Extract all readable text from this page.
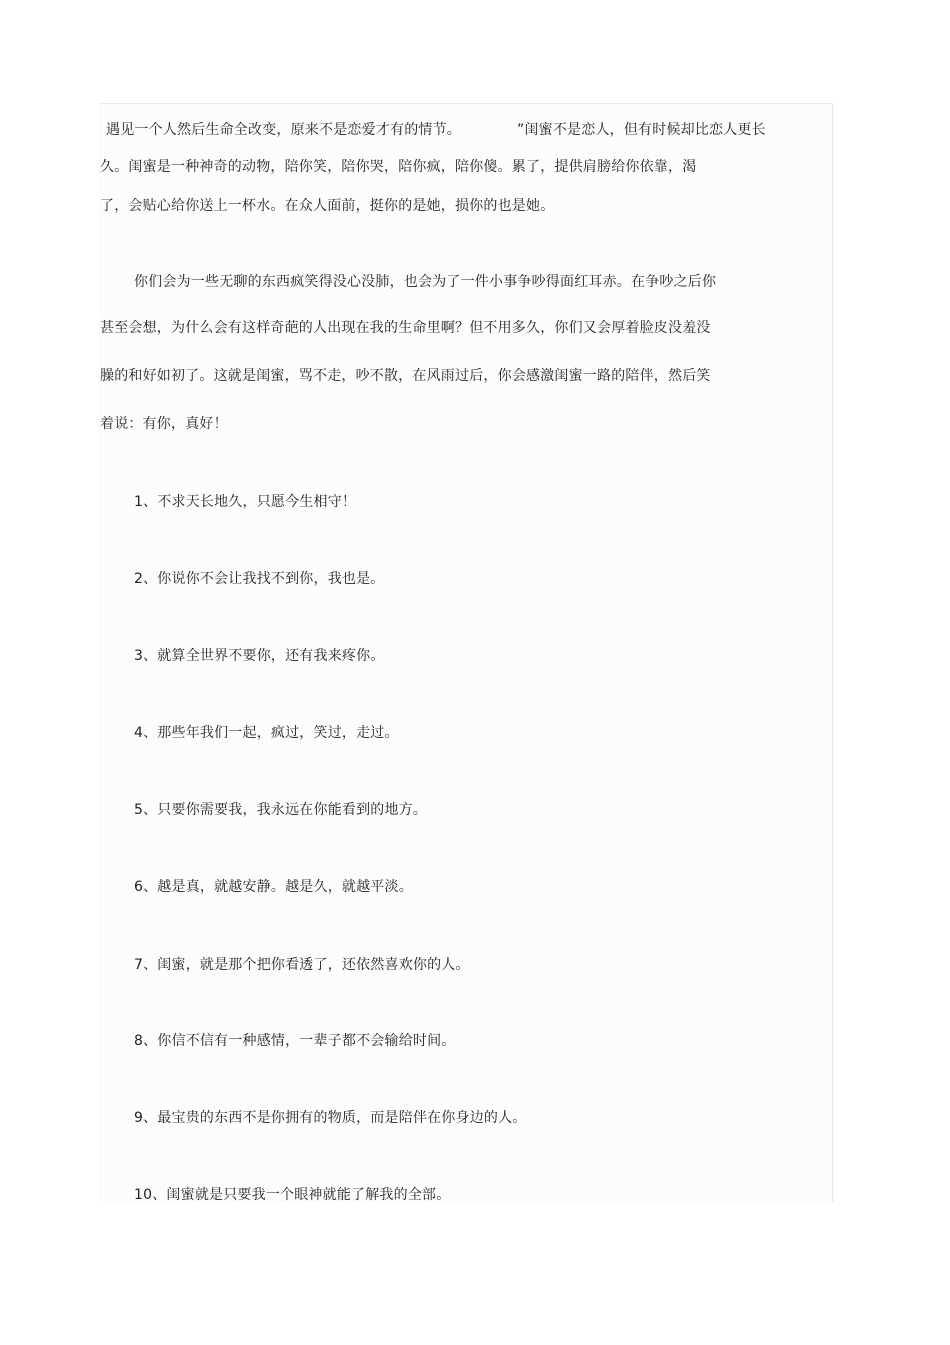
遇见一个人然后生命全改变，原来不是恋爱才有的情节。	”闺蜜不是恋人，但有时候却比恋人更长
久。闺蜜是一种神奇的动物，陪你笑，陪你哭，陪你疯，陪你傻。累了，提供肩膀给你依靠，渴
了，会贴心给你送上一杯水。在众人面前，挺你的是她，损你的也是她。
你们会为一些无聊的东西疯笑得没心没肺，也会为了一件小事争吵得面红耳赤。在争吵之后你
甚至会想，为什么会有这样奇葩的人出现在我的生命里啊？但不用多久，你们又会厚着脸皮没羞没
臊的和好如初了。这就是闺蜜，骂不走，吵不散，在风雨过后，你会感激闺蜜一路的陪伴，然后笑
着说：有你，真好！
1、不求天长地久，只愿今生相守！
2、你说你不会让我找不到你，我也是。
3、就算全世界不要你，还有我来疼你。
4、那些年我们一起，疯过，笑过，走过。
5、只要你需要我，我永远在你能看到的地方。
6、越是真，就越安静。越是久，就越平淡。
7、闺蜜，就是那个把你看透了，还依然喜欢你的人。
8、你信不信有一种感情，一辈子都不会输给时间。
9、最宝贵的东西不是你拥有的物质，而是陪伴在你身边的人。
10、闺蜜就是只要我一个眼神就能了解我的全部。
